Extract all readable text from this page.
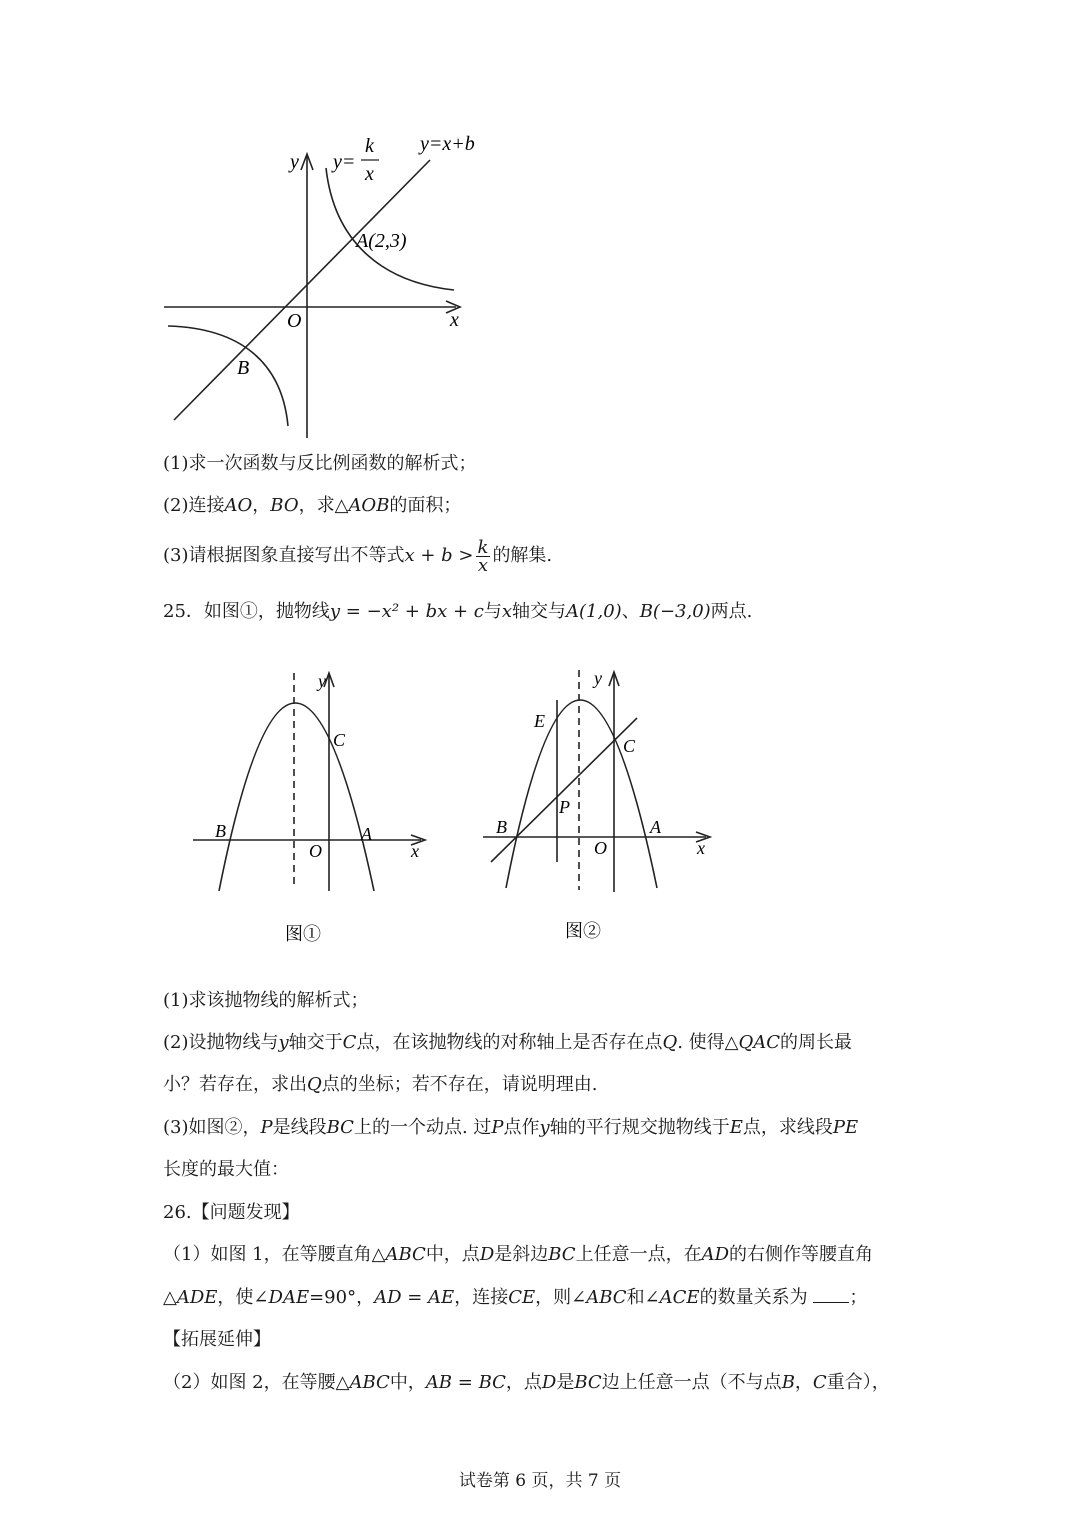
y
x
O
y=
k
x
y=x+b
A(2,3)
B
(1)求一次函数与反比例函数的解析式；
(2)连接AO，BO，求△AOB的面积；
(3)请根据图象直接写出不等式$x + b > \frac{k}{x}$ 的解集.
25．如图①，抛物线y = −x² + bx + c与x轴交与A(1,0)、B(−3,0)两点.
y
x
O
A
B
C
图①
y
x
O
A
B
C
E
P
图②
(1)求该抛物线的解析式；
(2)设抛物线与y轴交于C点，在该抛物线的对称轴上是否存在点Q. 使得△QAC的周长最
小？若存在，求出Q点的坐标；若不存在，请说明理由.
(3)如图②，P是线段BC上的一个动点. 过P点作y轴的平行规交抛物线于E点，求线段PE
长度的最大值：
26.【问题发现】
（1）如图 1，在等腰直角△ABC中，点D是斜边BC上任意一点，在AD的右侧作等腰直角
△ADE，使∠DAE=90°，AD = AE，连接CE，则∠ABC和∠ACE的数量关系为 ；
【拓展延伸】
（2）如图 2，在等腰△ABC中，AB = BC，点D是BC边上任意一点（不与点B，C重合），
试卷第 6 页，共 7 页
